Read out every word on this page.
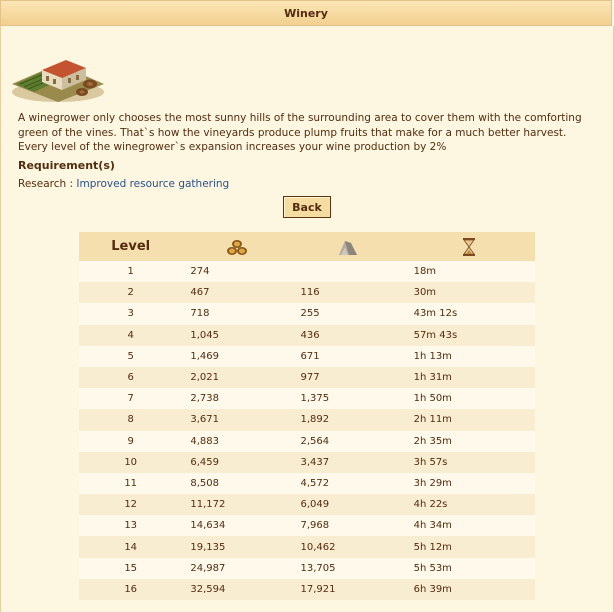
Winery

A winegrower only chooses the most sunny hills of the surrounding area to cover them with the comforting green of the vines. That`s how the vineyards produce plump fruits that make for a much better harvest. Every level of the winegrower`s expansion increases your wine production by 2%

Requirement(s)

Research : Improved resource gathering
Back
Level			
1	274		18m
2	467	116	30m
3	718	255	43m 12s
4	1,045	436	57m 43s
5	1,469	671	1h 13m
6	2,021	977	1h 31m
7	2,738	1,375	1h 50m
8	3,671	1,892	2h 11m
9	4,883	2,564	2h 35m
10	6,459	3,437	3h 57s
11	8,508	4,572	3h 29m
12	11,172	6,049	4h 22s
13	14,634	7,968	4h 34m
14	19,135	10,462	5h 12m
15	24,987	13,705	5h 53m
16	32,594	17,921	6h 39m
